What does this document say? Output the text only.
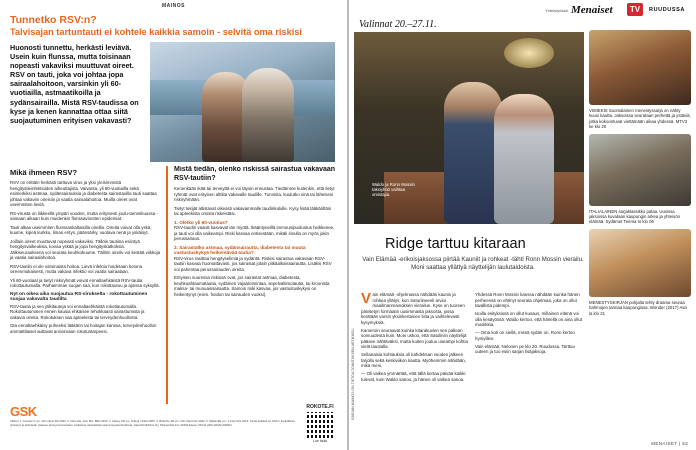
MAINOS
Tunnetko RSV:n?
Talvisajan tartuntauti ei kohtele kaikkia samoin - selvitä oma riskisi
Huonosti tunnettu, herkästi leviävä. Usein kuin flunssa, mutta toisinaan nopeasti vakaviksi muuttuvat oireet. RSV on tauti, joka voi johtaa jopa sairaalahoitoon, varsinkin yli 60-vuotiailla, astmaatikoilla ja sydänsairailla. Mistä RSV-taudissa on kyse ja kenen kannattaa ottaa siitä suojautuminen erityisen vakavasti?
Mikä ihmeen RSV?

RSV on erittäin herkästi tarttuva virus ja yksi yleisimmistä hengitystieinfektioiden aiheuttajista. Vaivanta, yli 60-vuotiailla sekä esimerkiksi astmaa, sydänsairauksia ja diabetesta sairastavilla tauti saattaa johtaa vakaviin oireisiin ja vaatia sairaalahoitoa. Muilla oireet ovat useimmiten lieviä.

RS-virusta on liikkeellä ympäri vuoden, mutta erityisesti joulu-tammikuussa - samaan aikaan kuin muidenkin flunssavirusten epidemiat.

Tauti alkaa useimmiten flunssankaltaisilla oireilla. Oireita voivat olla yskä, kuume, kipeä kurkku, liman eritys, päänsärky, vuotava nenä ja yskäisyt.

Joillain oireet muuttuvat nopeasti vakaviksi. Tällöin tautiina esiintyä hengitysvaikeuksia, kovaa yskää ja jopa hengityskatkoksia. Jälkiseurauksena voi seurata keuhkokuume. Tällöin oireilu voi kestää viikkoja ja vaatia sairaalahoitoa.

RSV-tautiin ei ole varsinaista hoitoa. Lievä infektio hoidetaan kotona oireenmukaisesti, mutta vakava infektio voi vaatia sairaalaan.

Yli 60-vuotiaat ja tietyt riskiryhmät voivat ennaltaehkäistä RSV-tautia rokottautumalla. Parhaimman suojan saa, kun rokottautuu ja ajoissa syksyllä.

Nyt on oikea aika suojautua RS-virukselta - rokottautuminen suojaa vakavalta taudilta

RSV-tautia ja sen jälkitauteja voi ennaltaehkäistä rokottautumalla. Rokottautuminen ennen kausia ehkäisee tehokkaasti sairastumista ja vakavia oireita. Rokotuksen saa apteekista tai terveydenhuollosta.

Ota ennaltaehkäisy puheeksi lääkärin tai hoitajan kanssa, terveydenhuollon ammattilaiset auttavat arvioimaan rokotustarpeesi.

Mistä tiedän, olenko riskissä sairastua vakavaan RSV-tautiin?

Kenenkään ikää tai terveyttä ei voi täysin ennustaa. Tiedämme kuitenkin, että tietyt ryhmät ovat erityisen alttiita vakavalle taudille. Tunnista, kuulutko sinä tai läheisesi riskiryhmään.

Tietyt tekijät altistavat oikeasti vakavammalle taudinkululle. Kysy lisää lääkäriltäsi tai apteekista omista riskeistäsi.

1. Oletko yli 60-vuotias?

RSV-taudin vaarat kasvavat iän myötä. Ikääntyneillä immuunipuolustus heikkenee, ja tauti voi olla vaikeampi. Riski kasvaa entisestään, mikäli sinulla on myös jokin perussairaus.

2. Sairastatko astmaa, sydänsairautta, diabetesta tai muuta vastustuskykyä heikentävää tautia?

RSV-virus rasittaa hengityselimiä ja sydäntä. Riskisi sairastua vakavaan RSV-tautiin kasvaa huomattavasti, jos sairastat jotain pitkäaikaissairautta. Lisäksi RSV voi pahentaa perussairauden oireita.

Erityisen suuressa riskissä ovat, jos sairastat astmaa, diabetesta, keuhkoahtaumatautia, sydämen vajaatoimintaa, sepelvaltimotautia, tai kroonista maksa- tai munuaissairautta. Samoin riski kasvaa, jos vastustuskykysi on heikentynyt (esim. hoidon tai sairauden vuoksi).

GSK
Viitteet: 1. Korsten K ym. Clin Infect Dis 2022. 2. Nam HH, Ison MG. BMJ 2019. 3. Falsey AR ym. N Engl J Med 2005. 4. Branche AR ym. Clin Infect Dis 2022. 5. Walsh EE ym. J Infect Dis 2013. Tämä artikkeli on GSK:n kaupallinen yhteistyö ja tarkoitettu yleiseen terveysneuvontaan. Lisätietoa rokotuksista saat terveydenhuollosta. GlaxoSmithKline Oy, Piispansilta 9 A, 02230 Espoo. PM-FI-ARX-ADVR-230001
ROKOTE.FI
Lue lisää
Yhteistyössä Menaiset	TV	RUUDUSSA
Valinnat 20.–27.11.
Waldo ja Ronn Mossin taksiyhtiö vaihtaa omistajia.
Ridge tarttuu kitaraan
Vain Elämää -erikoisjaksossa piirtää Kauniit ja rohkeat -tähti Ronn Mossin vierailu. Moni saattaa yllättyä näyttelijän laulutaidoista.
SARJAN MAINOS ON TIETOA TOIMITUKSEN ARTIKKELI

Vain elämää -ohjelmassa nähdään kaunis ja rohkea yllätys, kun Saturiineeeli arvioi maailmanmainoksen vierailun. Kyse on tuoreen päivitetyn formaatin uusimmasta jaksosta, jossa kerätään varsin yksinkertainen lista ja vaihtelevasti kysymyksiä.

Kameroin seuraavat kuinka kitarakuvien sen pallean somuudesta kuin. Moni uskoo, että Satuliniin näyttelijä pääsee nähtäväksi, mutta kuiten joutuu useampi kohtia vielä taustalla.

Sellanaisia kohtauksia oli kahdeksan vuoden jälkeen tarjolla sekä keskiviikon kautta. Myöhemmin nähdään, mikä meni.

— Oli vaikea ymmärtää, että tällä kertaa päivää kaikki tulevat, kuin Waldo sanoo, ja hänen oli vaikea sanoa.

Yhdessä Ronn Mossin kanssa nähdään kuinka hänen perheensä on ehtinyt seurata ohjelmaa, joka on ollut tavallista pidempi.

Isoilla esityksissä on ollut kuvaus, millainen elämä voi olla kesäyössä. Waldo kertoo, että hänellä on aina ollut musiikkia.

— Oma koti on siellä, missä sydän on, Ronn kertoo hymyillen.

Vain elämää, Nelonen pe klo 20. Ruudussa. Tarttuu uuteen ja tuo esiin sarjan lisäjaksoja.

VIIMEKSI Suomalainen menestyssarja on nähty kuusi kautta. Jaksoissa seurataan perhettä ja ystäviä, jotka kokoontuvat viettämään aikaa yhdessä. MTV3 ke klo 20
ITALIALAINEN sarjaklassikko palaa. Uusissa jaksoissa kuvataan kaupungin arkea ja yhteisön elämää. Sydämet Teema to klo 06
MENESTYSKIRJAN pohjalta tehty draama seuraa hahmojen tarinaa kaupungissa. Wonder (2017) Ava la klo 21
MENAISET | 53
